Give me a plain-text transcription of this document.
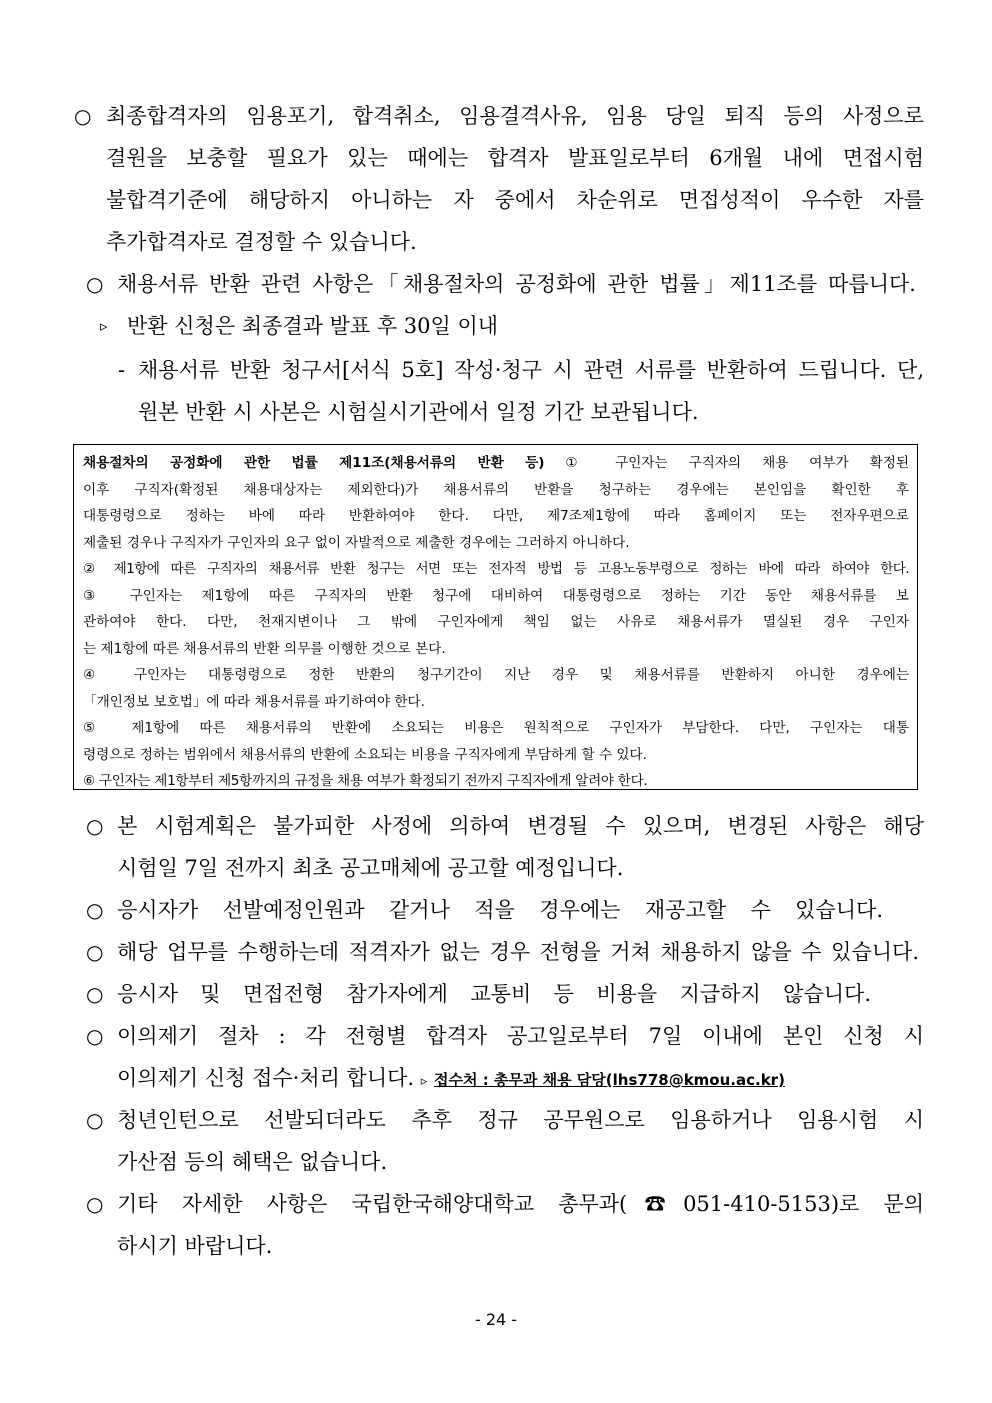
○ 최종합격자의 임용포기, 합격취소, 임용결격사유, 임용 당일 퇴직 등의 사정으로
결원을 보충할 필요가 있는 때에는 합격자 발표일로부터 6개월 내에 면접시험
불합격기준에 해당하지 아니하는 자 중에서 차순위로 면접성적이 우수한 자를
추가합격자로 결정할 수 있습니다.
○ 채용서류 반환 관련 사항은「채용절차의 공정화에 관한 법률」제11조를 따릅니다.
▹ 반환 신청은 최종결과 발표 후 30일 이내
- 채용서류 반환 청구서[서식 5호] 작성·청구 시 관련 서류를 반환하여 드립니다. 단,
원본 반환 시 사본은 시험실시기관에서 일정 기간 보관됩니다.
채용절차의 공정화에 관한 법률 제11조(채용서류의 반환 등) ① 구인자는 구직자의 채용 여부가 확정된
이후 구직자(확정된 채용대상자는 제외한다)가 채용서류의 반환을 청구하는 경우에는 본인임을 확인한 후
대통령령으로 정하는 바에 따라 반환하여야 한다. 다만, 제7조제1항에 따라 홈페이지 또는 전자우편으로
제출된 경우나 구직자가 구인자의 요구 없이 자발적으로 제출한 경우에는 그러하지 아니하다.
② 제1항에 따른 구직자의 채용서류 반환 청구는 서면 또는 전자적 방법 등 고용노동부령으로 정하는 바에 따라 하여야 한다.
③ 구인자는 제1항에 따른 구직자의 반환 청구에 대비하여 대통령령으로 정하는 기간 동안 채용서류를 보
관하여야 한다. 다만, 천재지변이나 그 밖에 구인자에게 책임 없는 사유로 채용서류가 멸실된 경우 구인자
는 제1항에 따른 채용서류의 반환 의무를 이행한 것으로 본다.
④ 구인자는 대통령령으로 정한 반환의 청구기간이 지난 경우 및 채용서류를 반환하지 아니한 경우에는
「개인정보 보호법」에 따라 채용서류를 파기하여야 한다.
⑤ 제1항에 따른 채용서류의 반환에 소요되는 비용은 원칙적으로 구인자가 부담한다. 다만, 구인자는 대통
령령으로 정하는 범위에서 채용서류의 반환에 소요되는 비용을 구직자에게 부담하게 할 수 있다.
⑥ 구인자는 제1항부터 제5항까지의 규정을 채용 여부가 확정되기 전까지 구직자에게 알려야 한다.
○ 본 시험계획은 불가피한 사정에 의하여 변경될 수 있으며, 변경된 사항은 해당
시험일 7일 전까지 최초 공고매체에 공고할 예정입니다.
○ 응시자가 선발예정인원과 같거나 적을 경우에는 재공고할 수 있습니다.
○ 해당 업무를 수행하는데 적격자가 없는 경우 전형을 거쳐 채용하지 않을 수 있습니다.
○ 응시자 및 면접전형 참가자에게 교통비 등 비용을 지급하지 않습니다.
○ 이의제기 절차 : 각 전형별 합격자 공고일로부터 7일 이내에 본인 신청 시
이의제기 신청 접수·처리 합니다. ▹ 접수처 : 총무과 채용 담당(lhs778@kmou.ac.kr)
○ 청년인턴으로 선발되더라도 추후 정규 공무원으로 임용하거나 임용시험 시
가산점 등의 혜택은 없습니다.
○ 기타 자세한 사항은 국립한국해양대학교 총무과(☎051-410-5153)로 문의
하시기 바랍니다.
- 24 -
